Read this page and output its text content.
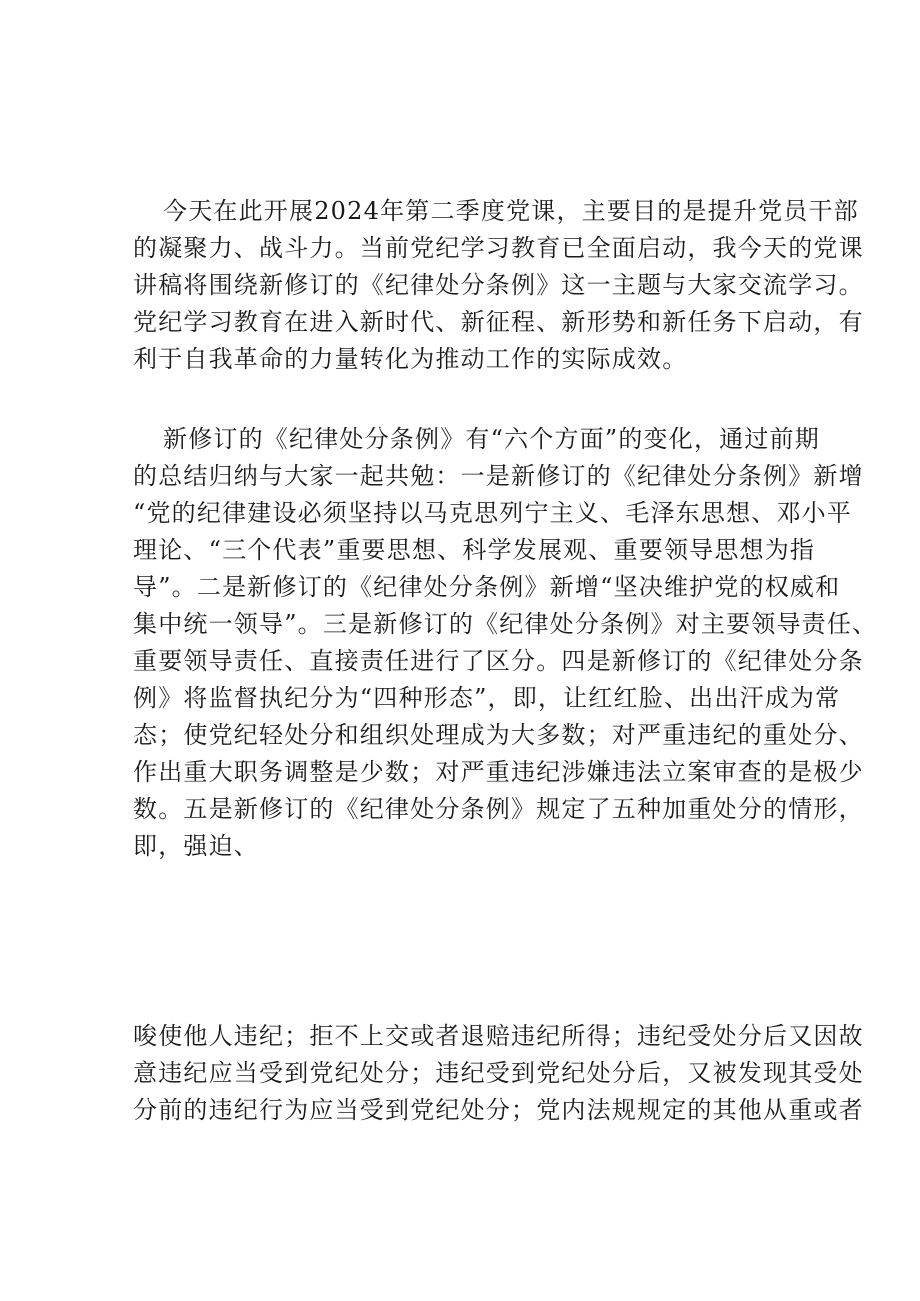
今天在此开展2024年第二季度党课，主要目的是提升党员干部
的凝聚力、战斗力。当前党纪学习教育已全面启动，我今天的党课
讲稿将围绕新修订的《纪律处分条例》这一主题与大家交流学习。
党纪学习教育在进入新时代、新征程、新形势和新任务下启动，有
利于自我革命的力量转化为推动工作的实际成效。
新修订的《纪律处分条例》有“六个方面”的变化，通过前期
的总结归纳与大家一起共勉：一是新修订的《纪律处分条例》新增
“党的纪律建设必须坚持以马克思列宁主义、毛泽东思想、邓小平
理论、“三个代表”重要思想、科学发展观、重要领导思想为指
导”。二是新修订的《纪律处分条例》新增“坚决维护党的权威和
集中统一领导”。三是新修订的《纪律处分条例》对主要领导责任、
重要领导责任、直接责任进行了区分。四是新修订的《纪律处分条
例》将监督执纪分为“四种形态”，即，让红红脸、出出汗成为常
态；使党纪轻处分和组织处理成为大多数；对严重违纪的重处分、
作出重大职务调整是少数；对严重违纪涉嫌违法立案审查的是极少
数。五是新修订的《纪律处分条例》规定了五种加重处分的情形，
即，强迫、
唆使他人违纪；拒不上交或者退赔违纪所得；违纪受处分后又因故
意违纪应当受到党纪处分；违纪受到党纪处分后，又被发现其受处
分前的违纪行为应当受到党纪处分；党内法规规定的其他从重或者
